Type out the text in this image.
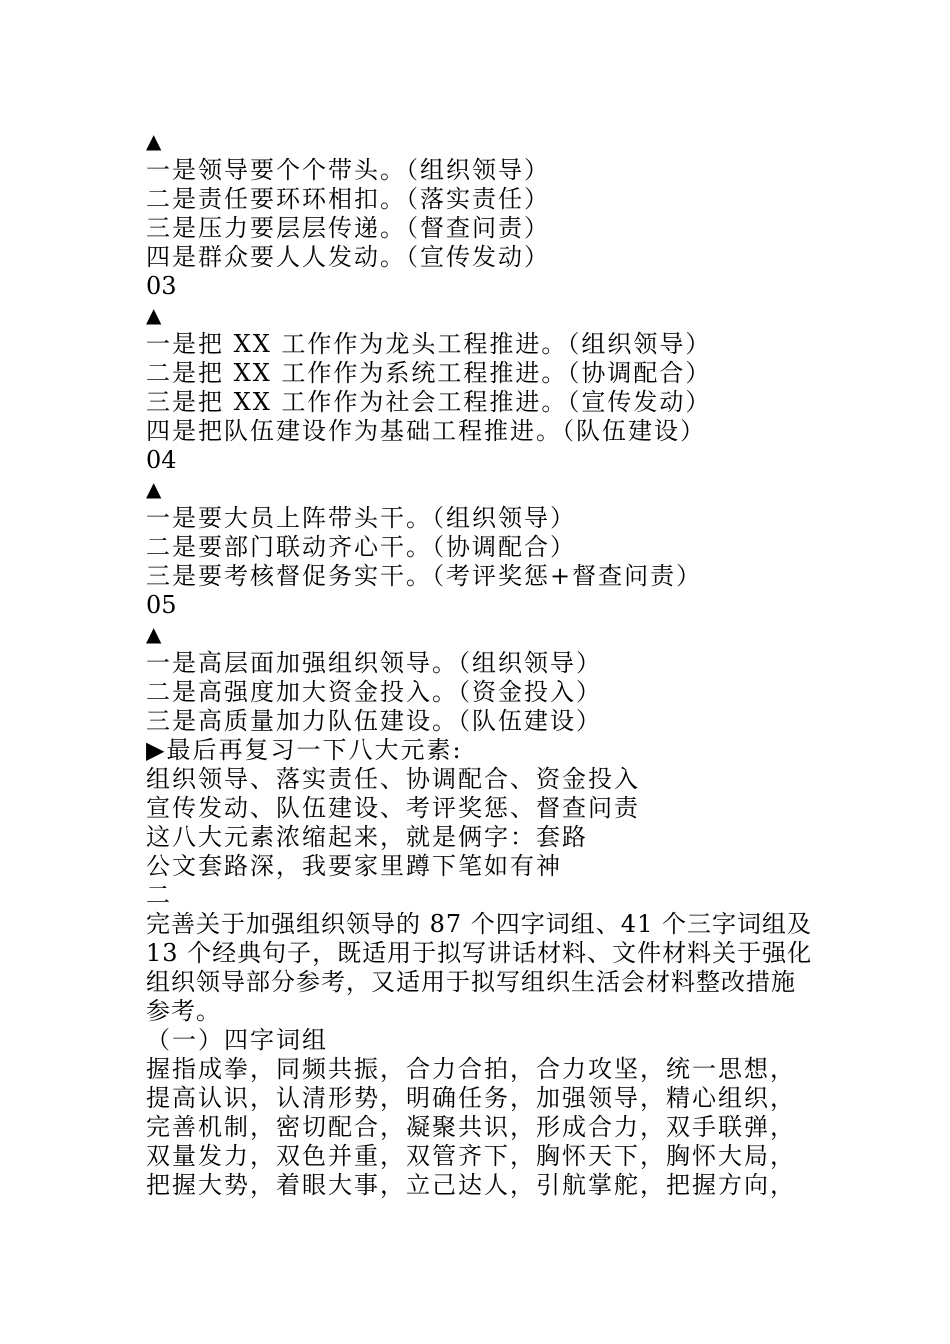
▲
一是领导要个个带头。（组织领导）
二是责任要环环相扣。（落实责任）
三是压力要层层传递。（督查问责）
四是群众要人人发动。（宣传发动）
03
▲
一是把 XX 工作作为龙头工程推进。（组织领导）
二是把 XX 工作作为系统工程推进。（协调配合）
三是把 XX 工作作为社会工程推进。（宣传发动）
四是把队伍建设作为基础工程推进。（队伍建设）
04
▲
一是要大员上阵带头干。（组织领导）
二是要部门联动齐心干。（协调配合）
三是要考核督促务实干。（考评奖惩+督查问责）
05
▲
一是高层面加强组织领导。（组织领导）
二是高强度加大资金投入。（资金投入）
三是高质量加力队伍建设。（队伍建设）
▶最后再复习一下八大元素:
组织领导、落实责任、协调配合、资金投入
宣传发动、队伍建设、考评奖惩、督查问责
这八大元素浓缩起来，就是俩字：套路
公文套路深，我要家里蹲下笔如有神
二
完善关于加强组织领导的 87 个四字词组、41 个三字词组及 13 个经典句子，既适用于拟写讲话材料、文件材料关于强化组织领导部分参考，又适用于拟写组织生活会材料整改措施参考。
（一）四字词组
握指成拳，同频共振，合力合拍，合力攻坚，统一思想，
提高认识，认清形势，明确任务，加强领导，精心组织，
完善机制，密切配合，凝聚共识，形成合力，双手联弹，
双量发力，双色并重，双管齐下，胸怀天下，胸怀大局，
把握大势，着眼大事，立己达人，引航掌舵，把握方向，
